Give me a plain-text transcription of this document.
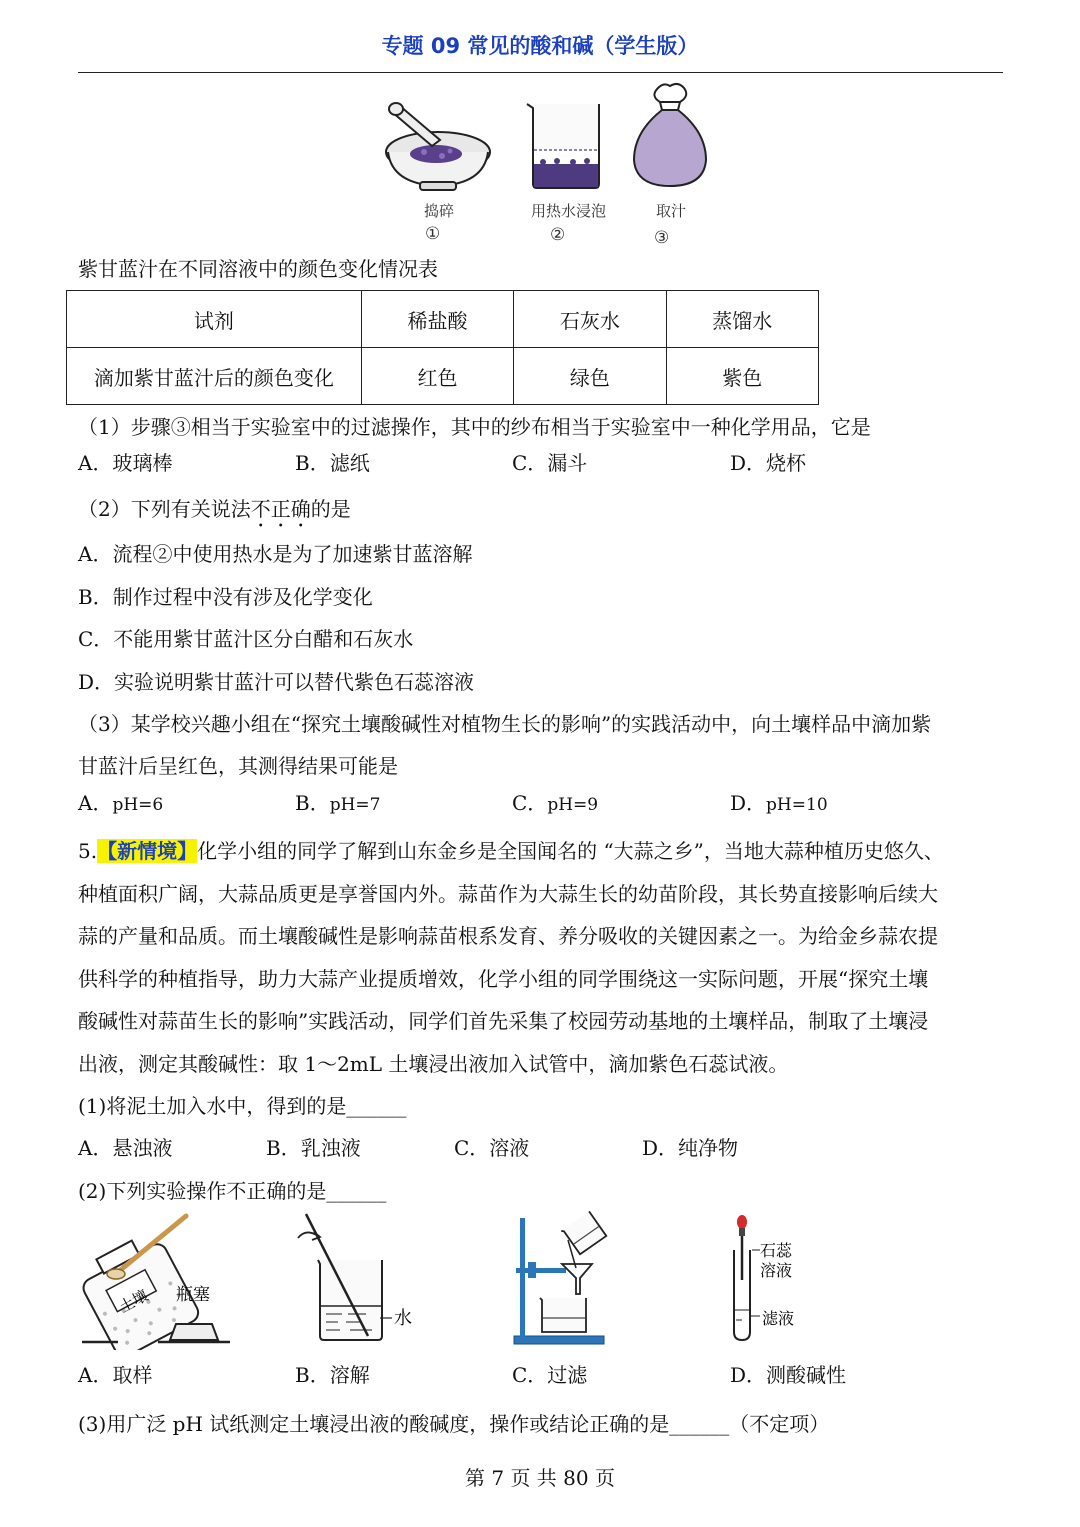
专题 09 常见的酸和碱（学生版）
捣碎	用热水浸泡	取汁
①	②	③
紫甘蓝汁在不同溶液中的颜色变化情况表
试剂	稀盐酸	石灰水	蒸馏水
滴加紫甘蓝汁后的颜色变化	红色	绿色	紫色
（1）步骤③相当于实验室中的过滤操作，其中的纱布相当于实验室中一种化学用品，它是
A．玻璃棒	B．滤纸	C．漏斗	D．烧杯
（2）下列有关说法不正确的是
A．流程②中使用热水是为了加速紫甘蓝溶解
B．制作过程中没有涉及化学变化
C．不能用紫甘蓝汁区分白醋和石灰水
D．实验说明紫甘蓝汁可以替代紫色石蕊溶液
（3）某学校兴趣小组在“探究土壤酸碱性对植物生长的影响”的实践活动中，向土壤样品中滴加紫
甘蓝汁后呈红色，其测得结果可能是
A．pH=6	B．pH=7	C．pH=9	D．pH=10
5.【新情境】化学小组的同学了解到山东金乡是全国闻名的 “大蒜之乡”，当地大蒜种植历史悠久、
种植面积广阔，大蒜品质更是享誉国内外。蒜苗作为大蒜生长的幼苗阶段，其长势直接影响后续大
蒜的产量和品质。而土壤酸碱性是影响蒜苗根系发育、养分吸收的关键因素之一。为给金乡蒜农提
供科学的种植指导，助力大蒜产业提质增效，化学小组的同学围绕这一实际问题，开展“探究土壤
酸碱性对蒜苗生长的影响”实践活动，同学们首先采集了校园劳动基地的土壤样品，制取了土壤浸
出液，测定其酸碱性：取 1～2mL 土壤浸出液加入试管中，滴加紫色石蕊试液。
(1)将泥土加入水中，得到的是______
A．悬浊液	B．乳浊液	C．溶液	D．纯净物
(2)下列实验操作不正确的是______
土壤 瓶塞
水
石蕊
溶液
滤液
A．取样	B．溶解	C．过滤	D．测酸碱性
(3)用广泛 pH 试纸测定土壤浸出液的酸碱度，操作或结论正确的是______（不定项）
第 7 页 共 80 页
